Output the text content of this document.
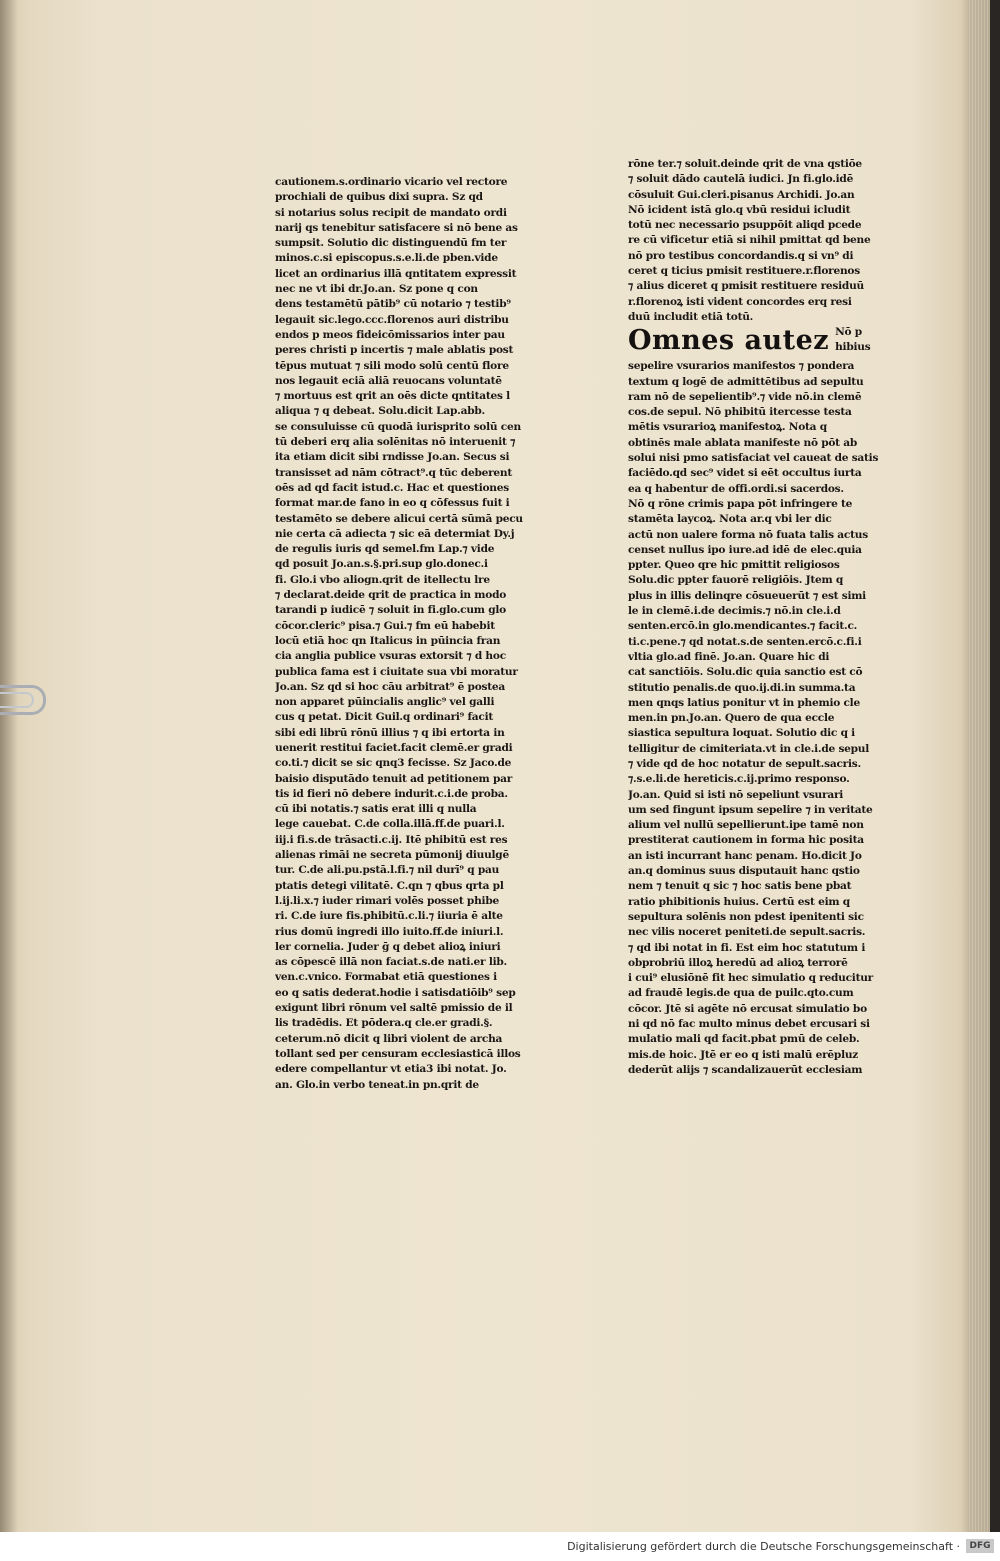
cautionem.s.ordinario vicario vel rectore
prochiali de quibus dixi supra. Sz qd
si notarius solus recipit de mandato ordi
narij qs tenebitur satisfacere si nō bene as
sumpsit. Solutio dic distinguendū fm ter
minos.c.si episcopus.s.e.li.de pben.vide
licet an ordinarius illā qntitatem expressit
nec ne vt ibi dr.Jo.an. Sz pone q con
dens testamētū pātib⁹ cū notario ⁊ testib⁹
legauit sic.lego.ccc.florenos auri distribu
endos p meos fideicōmissarios inter pau
peres christi p incertis ⁊ male ablatis post
tēpus mutuat ⁊ sili modo solū centū flore
nos legauit eciā aliā reuocans voluntatē
⁊ mortuus est qrit an oēs dicte qntitates l
aliqua ⁊ q debeat. Solu.dicit Lap.abb.
se consuluisse cū quodā iurisprito solū cen
tū deberi erq alia solēnitas nō interuenit ⁊
ita etiam dicit sibi rndisse Jo.an. Secus si
transisset ad nām cōtract⁹.q tūc deberent
oēs ad qd facit istud.c. Hac et questiones
format mar.de fano in eo q cōfessus fuit i
testamēto se debere alicui certā sūmā pecu
nie certa cā adiecta ⁊ sic eā determiat Dy.j
de regulis iuris qd semel.fm Lap.⁊ vide
qd posuit Jo.an.s.§.pri.sup glo.donec.i
fi. Glo.i vbo aliogn.qrit de itellectu lre
⁊ declarat.deide qrit de practica in modo
tarandi p iudicē ⁊ soluit in fi.glo.cum glo
cōcor.cleric⁹ pisa.⁊ Gui.⁊ fm eū habebit
locū etiā hoc qn Italicus in pūincia fran
cia anglia publice vsuras extorsit ⁊ d hoc
publica fama est i ciuitate sua vbi moratur
Jo.an. Sz qd si hoc cāu arbitrat⁹ ē postea
non apparet pūincialis anglic⁹ vel galli
cus q petat. Dicit Guil.q ordinari⁹ facit
sibi edi librū rōnū illius ⁊ q ibi ertorta in
uenerit restitui faciet.facit clemē.er gradi
co.ti.⁊ dicit se sic qnq3 fecisse. Sz Jaco.de
baisio disputādo tenuit ad petitionem par
tis id fieri nō debere indurit.c.i.de proba.
cū ibi notatis.⁊ satis erat illi q nulla
lege cauebat. C.de colla.illā.ff.de puari.l.
iij.i fi.s.de trāsacti.c.ij. Itē phibitū est res
alienas rimāi ne secreta pūmonij diuulgē
tur. C.de ali.pu.pstā.l.fi.⁊ nil durī⁹ q pau
ptatis detegi vilitatē. C.qn ⁊ qbus qrta pl
l.ij.li.x.⁊ iuder rimari volēs posset phibe
ri. C.de iure fis.phibitū.c.li.⁊ iiuria ē alte
rius domū ingredi illo iuito.ff.de iniuri.l.
ler cornelia. Juder ḡ q debet alioꝝ iniuri
as cōpescē illā non faciat.s.de nati.er lib.
ven.c.vnico. Formabat etiā questiones i
eo q satis dederat.hodie i satisdatiōib⁹ sep
exigunt libri rōnum vel saltē pmissio de il
lis tradēdis. Et pōdera.q cle.er gradi.§.
ceterum.nō dicit q libri violent de archa
tollant sed per censuram ecclesiasticā illos
edere compellantur vt etia3 ibi notat. Jo.
an. Glo.in verbo teneat.in pn.qrit de
rōne ter.⁊ soluit.deinde qrit de vna qstiōe
⁊ soluit dādo cautelā iudici. Jn fi.glo.idē
cōsuluit Gui.cleri.pisanus Archidi. Jo.an
Nō icident istā glo.q vbū residui icludit
totū nec necessario psuppōit aliqd pcede
re cū vificetur etiā si nihil pmittat qd bene
nō pro testibus concordandis.q si vn⁹ di
ceret q ticius pmisit restituere.r.florenos
⁊ alius diceret q pmisit restituere residuū
r.florenoꝝ isti vident concordes erq resi
duū includit etiā totū.
Omnes autez Nō p
hibius
sepelire vsurarios manifestos ⁊ pondera
textum q logē de admittētibus ad sepultu
ram nō de sepelientib⁹.⁊ vide nō.in clemē
cos.de sepul. Nō phibitū itercesse testa
mētis vsurarioꝝ manifestoꝝ. Nota q
obtinēs male ablata manifeste nō pōt ab
solui nisi pmo satisfaciat vel caueat de satis
faciēdo.qd sec⁹ videt si eēt occultus iurta
ea q habentur de offi.ordi.si sacerdos.
Nō q rōne crimis papa pōt infringere te
stamēta laycoꝝ. Nota ar.q vbi ler dic
actū non ualere forma nō fuata talis actus
censet nullus ipo iure.ad idē de elec.quia
ppter. Queo qre hic pmittit religiosos
Solu.dic ppter fauorē religiōis. Jtem q
plus in illis delinqre cōsueuerūt ⁊ est simi
le in clemē.i.de decimis.⁊ nō.in cle.i.d
senten.ercō.in glo.mendicantes.⁊ facit.c.
ti.c.pene.⁊ qd notat.s.de senten.ercō.c.fi.i
vltia glo.ad finē. Jo.an. Quare hic di
cat sanctiōis. Solu.dic quia sanctio est cō
stitutio penalis.de quo.ij.di.in summa.ta
men qnqs latius ponitur vt in phemio cle
men.in pn.Jo.an. Quero de qua eccle
siastica sepultura loquat. Solutio dic q i
telligitur de cimiteriata.vt in cle.i.de sepul
⁊ vide qd de hoc notatur de sepult.sacris.
⁊.s.e.li.de hereticis.c.ij.primo responso.
Jo.an. Quid si isti nō sepeliunt vsurari
um sed fingunt ipsum sepelire ⁊ in veritate
alium vel nullū sepellierunt.ipe tamē non
prestiterat cautionem in forma hic posita
an isti incurrant hanc penam. Ho.dicit Jo
an.q dominus suus disputauit hanc qstio
nem ⁊ tenuit q sic ⁊ hoc satis bene pbat
ratio phibitionis huius. Certū est eim q
sepultura solēnis non pdest ipenitenti sic
nec vilis noceret peniteti.de sepult.sacris.
⁊ qd ibi notat in fi. Est eim hoc statutum i
obprobriū illoꝝ heredū ad alioꝝ terrorē
i cui⁹ elusiōnē fit hec simulatio q reducitur
ad fraudē legis.de qua de puilc.qto.cum
cōcor. Jtē si agēte nō ercusat simulatio bo
ni qd nō fac multo minus debet ercusari si
mulatio mali qd facit.pbat pmū de celeb.
mis.de hoic. Jtē er eo q isti malū erēpluz
dederūt alijs ⁊ scandalizauerūt ecclesiam
Digitalisierung gefördert durch die Deutsche Forschungsgemeinschaft ·	DFG
